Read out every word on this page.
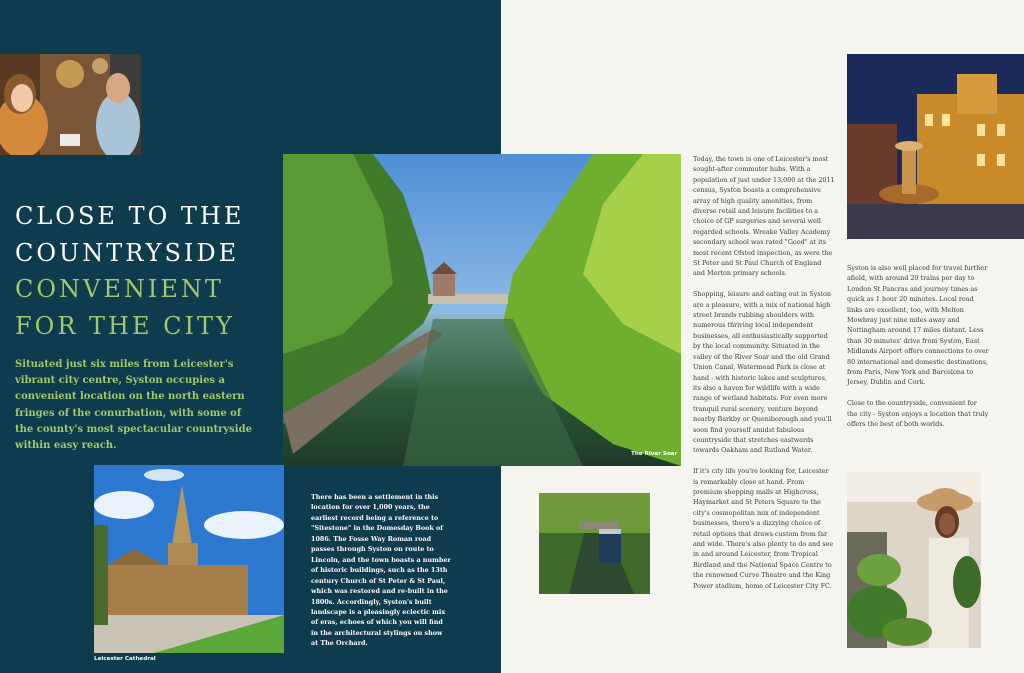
CLOSE TO THE
COUNTRYSIDE
CONVENIENT
FOR THE CITY

Situated just six miles from Leicester's vibrant city centre, Syston occupies a convenient location on the north eastern fringes of the conurbation, with some of the county's most spectacular countryside within easy reach.

The River Soar
Leicester Cathedral

There has been a settlement in this location for over 1,000 years, the earliest record being a reference to "Sitestone" in the Domesday Book of 1086. The Fosse Way Roman road passes through Syston on route to Lincoln, and the town boasts a number of historic buildings, such as the 13th century Church of St Peter & St Paul, which was restored and re-built in the 1800s. Accordingly, Syston's built landscape is a pleasingly eclectic mix of eras, echoes of which you will find in the architectural stylings on show at The Orchard.

Today, the town is one of Leicester's most sought-after commuter hubs. With a population of just under 13,000 at the 2011 census, Syston boasts a comprehensive array of high quality amenities, from diverse retail and leisure facilities to a choice of GP surgeries and several well regarded schools. Wreake Valley Academy secondary school was rated "Good" at its most recent Ofsted inspection, as were the St Peter and St Paul Church of England and Merton primary schools.

Shopping, leisure and eating out in Syston are a pleasure, with a mix of national high street brands rubbing shoulders with numerous thriving local independent businesses, all enthusiastically supported by the local community. Situated in the valley of the River Soar and the old Grand Union Canal, Watermead Park is close at hand - with historic lakes and sculptures, its also a haven for wildlife with a wide range of wetland habitats. For even more tranquil rural scenery, venture beyond nearby Barkby or Queniborough and you'll soon find yourself amidst fabulous countryside that stretches eastwards towards Oakham and Rutland Water.

If it's city life you're looking for, Leicester is remarkably close at hand. From premium shopping malls at Highcross, Haymarket and St Peters Square to the city's cosmopolitan mix of independent businesses, there's a dizzying choice of retail options that draws custom from far and wide. There's also plenty to do and see in and around Leicester, from Tropical Birdland and the National Space Centre to the renowned Curve Theatre and the King Power stadium, home of Leicester City FC.

Syston is also well placed for travel further afield, with around 20 trains per day to London St Pancras and journey times as quick as 1 hour 20 minutes. Local road links are excellent, too, with Melton Mowbray just nine miles away and Nottingham around 17 miles distant. Less than 30 minutes' drive from Syston, East Midlands Airport offers connections to over 80 international and domestic destinations, from Paris, New York and Barcelona to Jersey, Dublin and Cork.

Close to the countryside, convenient for the city - Syston enjoys a location that truly offers the best of both worlds.
